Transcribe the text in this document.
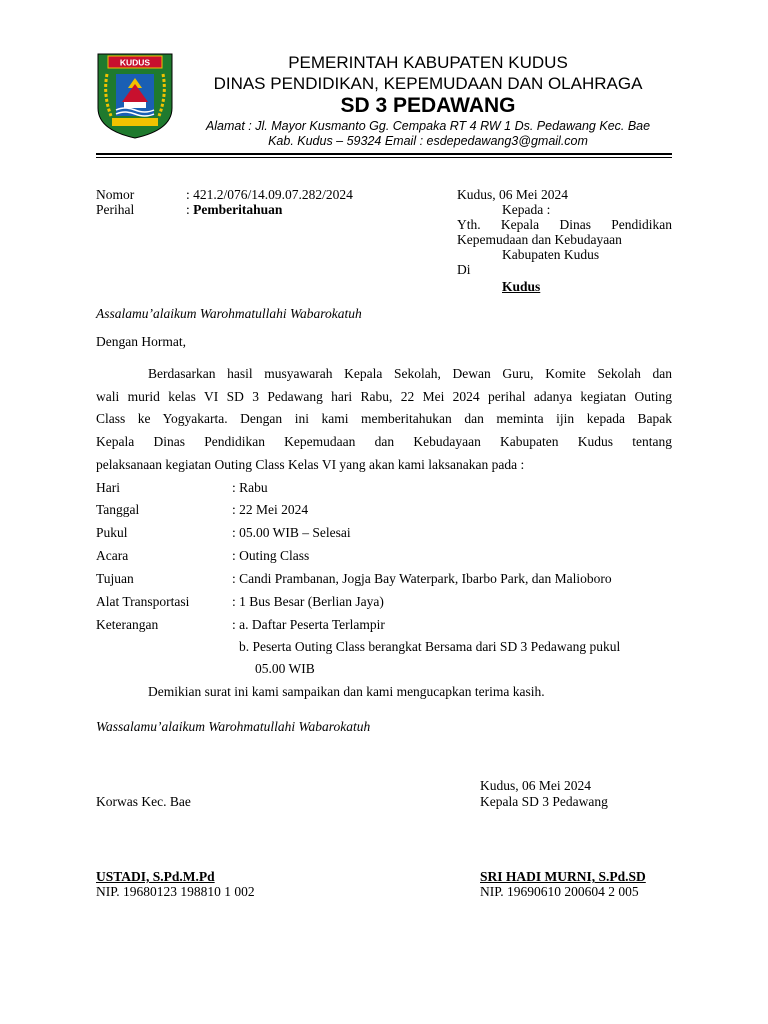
KUDUS	PEMERINTAH KABUPATEN KUDUS
DINAS PENDIDIKAN, KEPEMUDAAN DAN OLAHRAGA
SD 3 PEDAWANG
Alamat : Jl. Mayor Kusmanto Gg. Cempaka RT 4 RW 1 Ds. Pedawang Kec. Bae
Kab. Kudus – 59324 Email : esdepedawang3@gmail.com
Nomor	: 421.2/076/14.09.07.282/2024
Perihal	: Pemberitahuan
Kudus, 06 Mei 2024
Kepada :
Yth. Kepala Dinas Pendidikan
Kepemudaan dan Kebudayaan
Kabupaten Kudus
Di
Kudus
Assalamu’alaikum Warohmatullahi Wabarokatuh
Dengan Hormat,
Berdasarkan hasil musyawarah Kepala Sekolah, Dewan Guru, Komite Sekolah dan
wali murid kelas VI SD 3 Pedawang hari Rabu, 22 Mei 2024 perihal adanya kegiatan Outing
Class ke Yogyakarta. Dengan ini kami memberitahukan dan meminta ijin kepada Bapak
Kepala Dinas Pendidikan Kepemudaan dan Kebudayaan Kabupaten Kudus tentang
pelaksanaan kegiatan Outing Class Kelas VI yang akan kami laksanakan pada :
Hari	: Rabu
Tanggal	: 22 Mei 2024
Pukul	: 05.00 WIB – Selesai
Acara	: Outing Class
Tujuan	: Candi Prambanan, Jogja Bay Waterpark, Ibarbo Park, dan Malioboro
Alat Transportasi	: 1 Bus Besar (Berlian Jaya)
Keterangan	: a. Daftar Peserta Terlampir
b. Peserta Outing Class berangkat Bersama dari SD 3 Pedawang pukul
05.00 WIB
Demikian surat ini kami sampaikan dan kami mengucapkan terima kasih.
Wassalamu’alaikum Warohmatullahi Wabarokatuh
Kudus, 06 Mei 2024
Korwas Kec. Bae	Kepala SD 3 Pedawang
USTADI, S.Pd.M.Pd	SRI HADI MURNI, S.Pd.SD
NIP. 19680123 198810 1 002	NIP. 19690610 200604 2 005
